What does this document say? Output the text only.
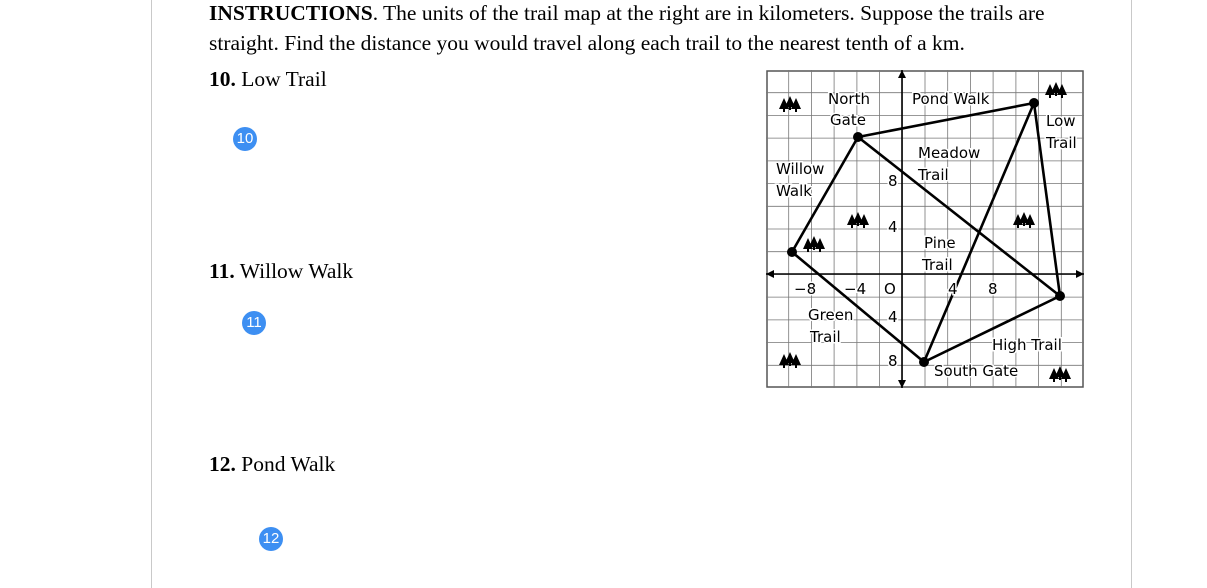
INSTRUCTIONS. The units of the trail map at the right are in kilometers. Suppose the trails are straight. Find the distance you would travel along each trail to the nearest tenth of a km.
10. Low Trail
10
11. Willow Walk
11
12. Pond Walk
12
North
Gate
Pond Walk
Low
Trail
Willow
Walk
Meadow
Trail
Pine
Trail
Green
Trail	High Trail
South Gate
−8 −4 O	4 8
8
4
4
8
